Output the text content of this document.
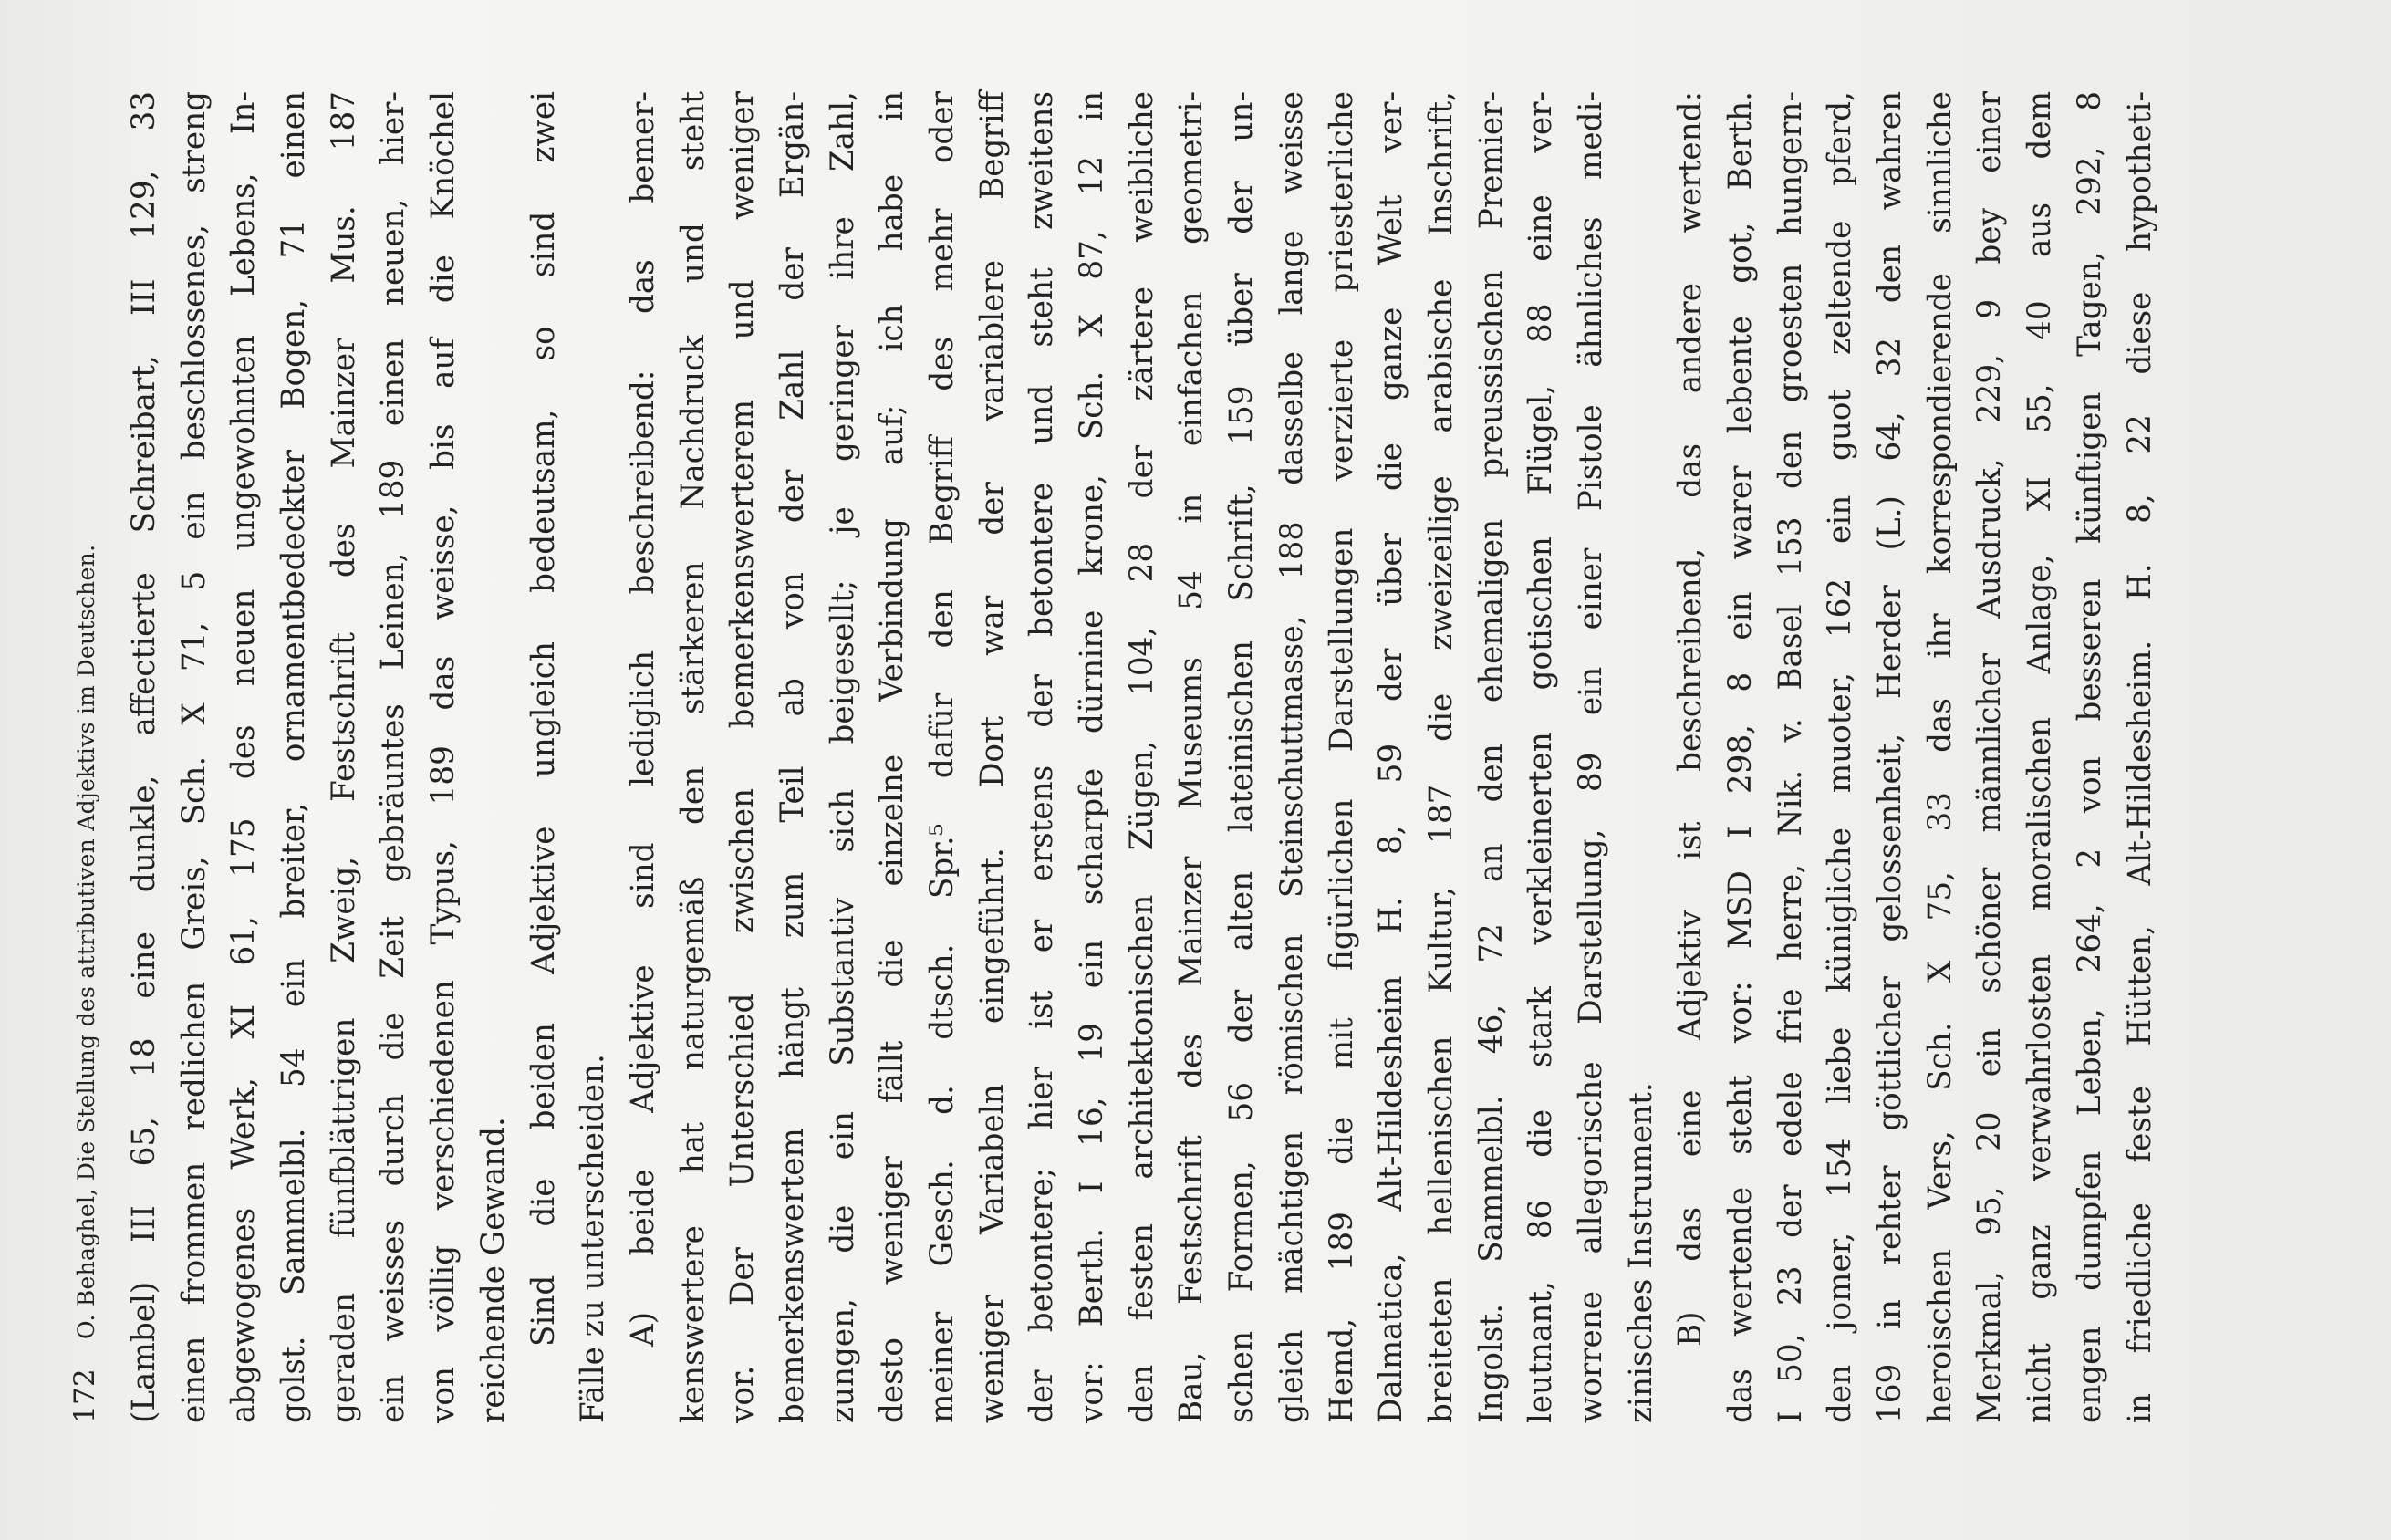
172
O. Behaghel, Die Stellung des attributiven Adjektivs im Deutschen. (Lambel) III 65, 18 eine dunkle, affectierte Schreibart, III 129, 33 einen frommen redlichen Greis, Sch. X 71, 5 ein beschlossenes, streng abgewogenes Werk, XI 61, 175 des neuen ungewohnten Lebens, In- golst. Sammelbl. 54 ein breiter, ornamentbedeckter Bogen, 71 einen geraden fünfblättrigen Zweig, Festschrift des Mainzer Mus. 187 ein weisses durch die Zeit gebräuntes Leinen, 189 einen neuen, hier- von völlig verschiedenen Typus, 189 das weisse, bis auf die Knöchel reichende Gewand. Sind die beiden Adjektive ungleich bedeutsam, so sind zwei Fälle zu unterscheiden. A) beide Adjektive sind lediglich beschreibend: das bemer- kenswertere hat naturgemäß den stärkeren Nachdruck und steht vor. Der Unterschied zwischen bemerkenswerterem und weniger bemerkenswertem hängt zum Teil ab von der Zahl der Ergän- zungen, die ein Substantiv sich beigesellt; je geringer ihre Zahl, desto weniger fällt die einzelne Verbindung auf; ich habe in meiner Gesch. d. dtsch. Spr.⁵ dafür den Begriff des mehr oder weniger Variabeln eingeführt. Dort war der variablere Begriff der betontere; hier ist er erstens der betontere und steht zweitens vor: Berth. I 16, 19 ein scharpfe dürnine krone, Sch. X 87, 12 in den festen architektonischen Zügen, 104, 28 der zärtere weibliche Bau, Festschrift des Mainzer Museums 54 in einfachen geometri- schen Formen, 56 der alten lateinischen Schrift, 159 über der un- gleich mächtigen römischen Steinschuttmasse, 188 dasselbe lange weisse Hemd, 189 die mit figürlichen Darstellungen verzierte priesterliche Dalmatica, Alt-Hildesheim H. 8, 59 der über die ganze Welt ver- breiteten hellenischen Kultur, 187 die zweizeilige arabische Inschrift, Ingolst. Sammelbl. 46, 72 an den ehemaligen preussischen Premier- leutnant, 86 die stark verkleinerten gotischen Flügel, 88 eine ver- worrene allegorische Darstellung, 89 ein einer Pistole ähnliches medi- zinisches Instrument. B) das eine Adjektiv ist beschreibend, das andere wertend: das wertende steht vor: MSD I 298, 8 ein warer lebente got, Berth. I 50, 23 der edele frie herre, Nik. v. Basel 153 den groesten hungern- den jomer, 154 liebe künigliche muoter, 162 ein guot zeltende pferd, 169 in rehter göttlicher gelossenheit, Herder (L.) 64, 32 den wahren heroischen Vers, Sch. X 75, 33 das ihr korrespondierende sinnliche Merkmal, 95, 20 ein schöner männlicher Ausdruck, 229, 9 bey einer nicht ganz verwahrlosten moralischen Anlage, XI 55, 40 aus dem engen dumpfen Leben, 264, 2 von besseren künftigen Tagen, 292, 8 in friedliche feste Hütten, Alt-Hildesheim. H. 8, 22 diese hypotheti-
